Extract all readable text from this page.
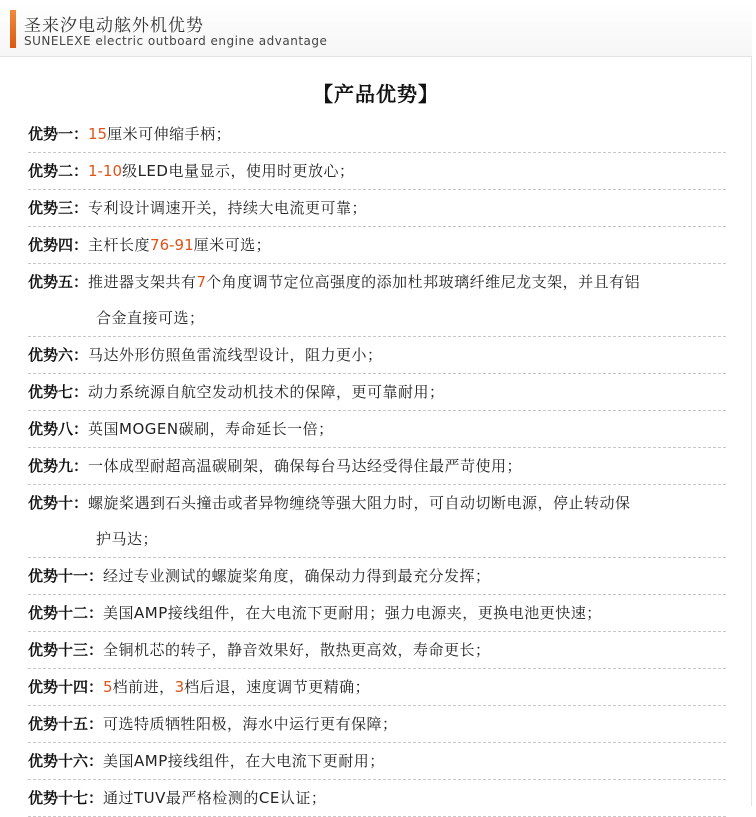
圣来汐电动舷外机优势
SUNELEXE electric outboard engine advantage
【产品优势】
优势一：15厘米可伸缩手柄；
优势二：1-10级LED电量显示，使用时更放心；
优势三：专利设计调速开关，持续大电流更可靠；
优势四：主杆长度76-91厘米可选；
优势五：推进器支架共有7个角度调节定位高强度的添加杜邦玻璃纤维尼龙支架，并且有铝
合金直接可选；
优势六：马达外形仿照鱼雷流线型设计，阻力更小；
优势七：动力系统源自航空发动机技术的保障，更可靠耐用；
优势八：英国MOGEN碳刷，寿命延长一倍；
优势九：一体成型耐超高温碳刷架，确保每台马达经受得住最严苛使用；
优势十：螺旋桨遇到石头撞击或者异物缠绕等强大阻力时，可自动切断电源，停止转动保
护马达；
优势十一：经过专业测试的螺旋桨角度，确保动力得到最充分发挥；
优势十二：美国AMP接线组件，在大电流下更耐用；强力电源夹，更换电池更快速；
优势十三：全铜机芯的转子，静音效果好，散热更高效，寿命更长；
优势十四：5档前进，3档后退，速度调节更精确；
优势十五：可选特质牺牲阳极，海水中运行更有保障；
优势十六：美国AMP接线组件，在大电流下更耐用；
优势十七：通过TUV最严格检测的CE认证；
